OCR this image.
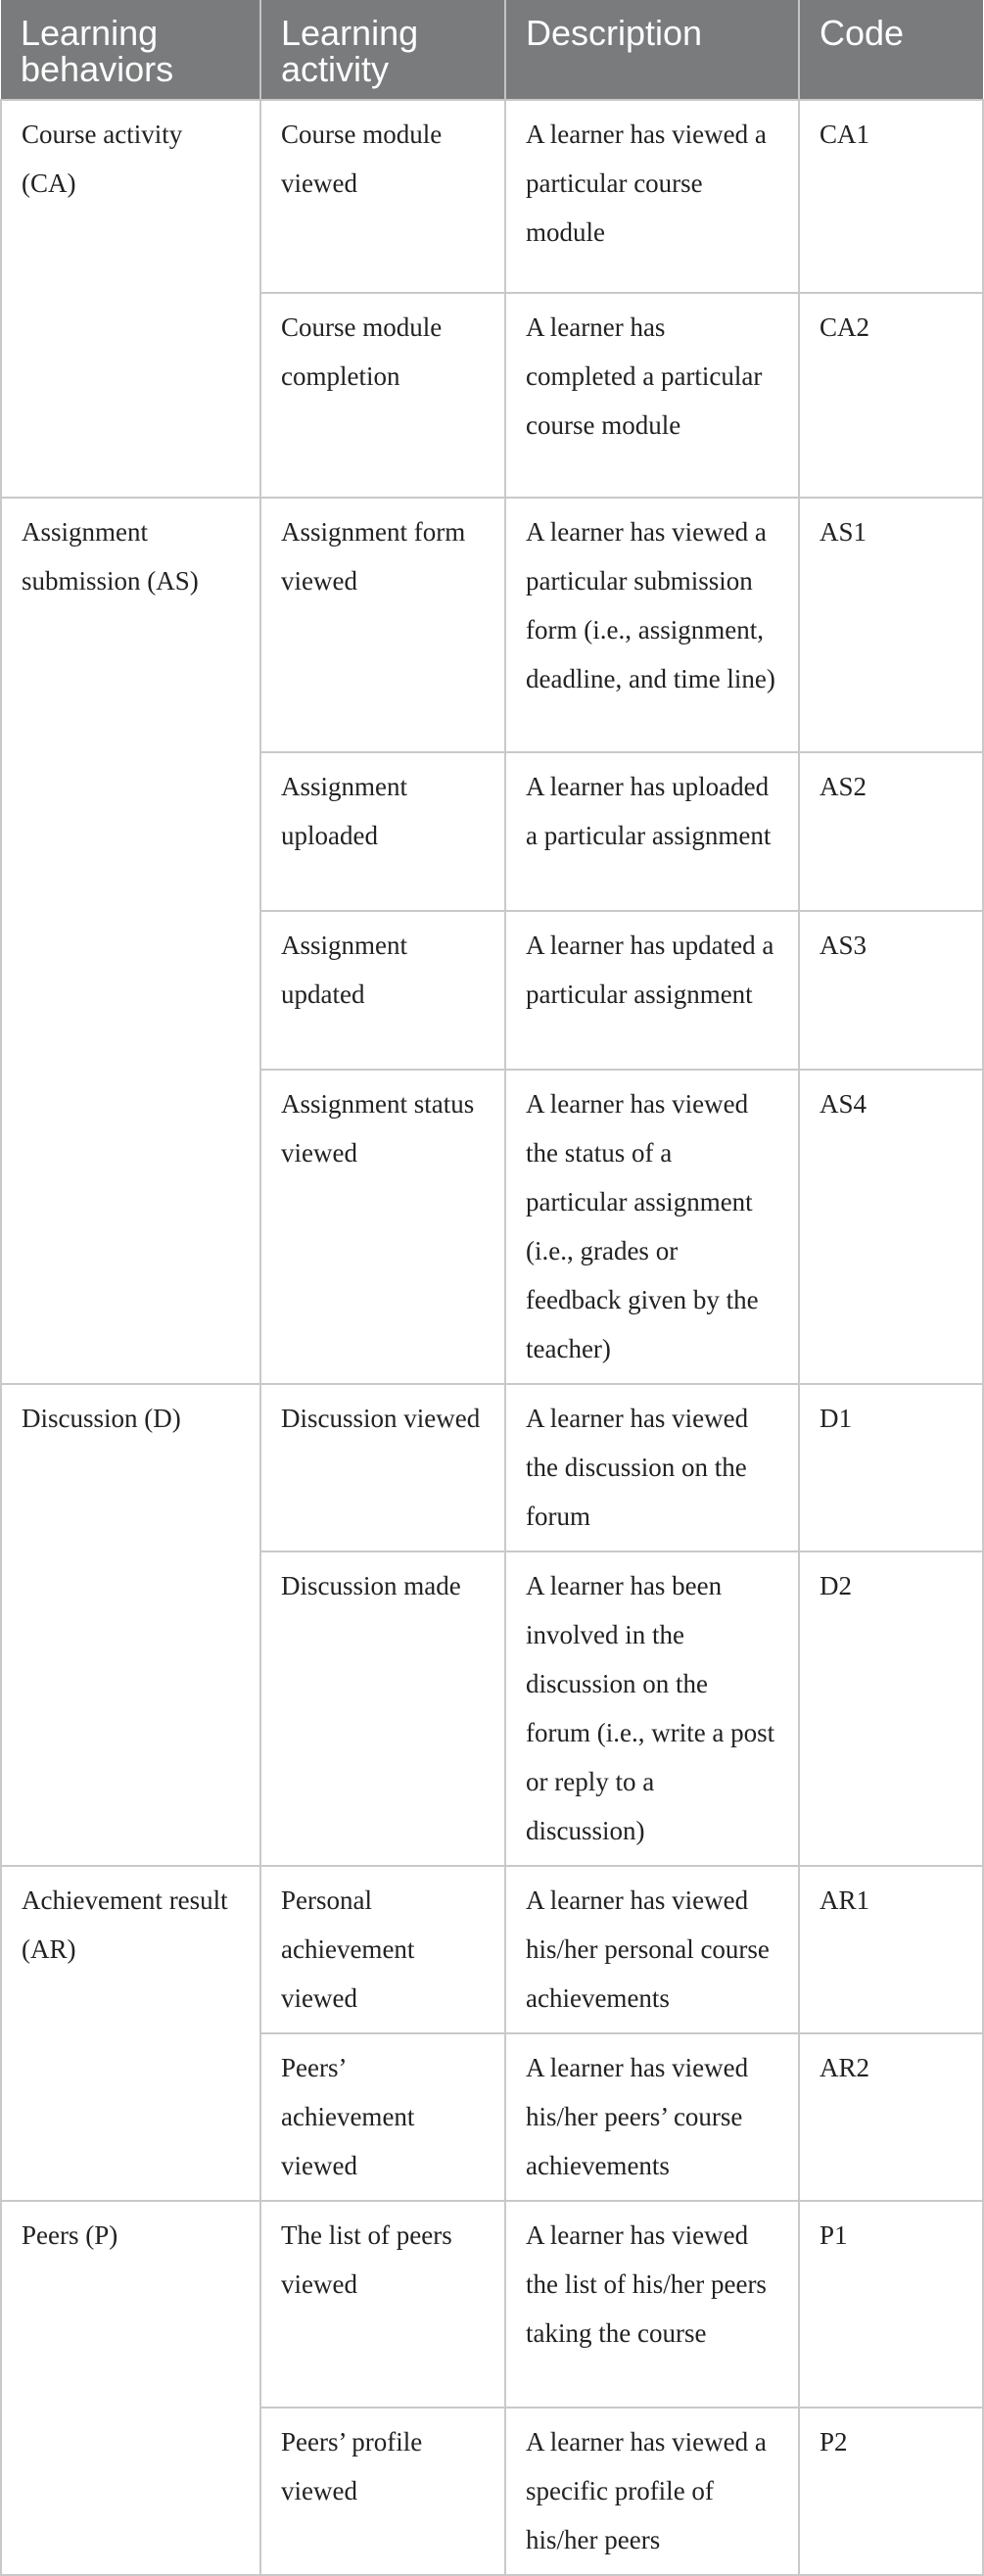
Learning behaviors	Learning activity	Description	Code
Course activity (CA)	Course module viewed	A learner has viewed a particular course module	CA1
	Course module completion	A learner has completed a particular course module	CA2
Assignment submission (AS)	Assignment form viewed	A learner has viewed a particular submission form (i.e., assignment, deadline, and time line)	AS1
	Assignment uploaded	A learner has uploaded a particular assignment	AS2
	Assignment updated	A learner has updated a particular assignment	AS3
	Assignment status viewed	A learner has viewed the status of a particular assignment (i.e., grades or feedback given by the teacher)	AS4
Discussion (D)	Discussion viewed	A learner has viewed the discussion on the forum	D1
	Discussion made	A learner has been involved in the discussion on the forum (i.e., write a post or reply to a discussion)	D2
Achievement result (AR)	Personal achievement viewed	A learner has viewed his/her personal course achievements	AR1
	Peers’ achievement viewed	A learner has viewed his/her peers’ course achievements	AR2
Peers (P)	The list of peers viewed	A learner has viewed the list of his/her peers taking the course	P1
	Peers’ profile viewed	A learner has viewed a specific profile of his/her peers	P2
